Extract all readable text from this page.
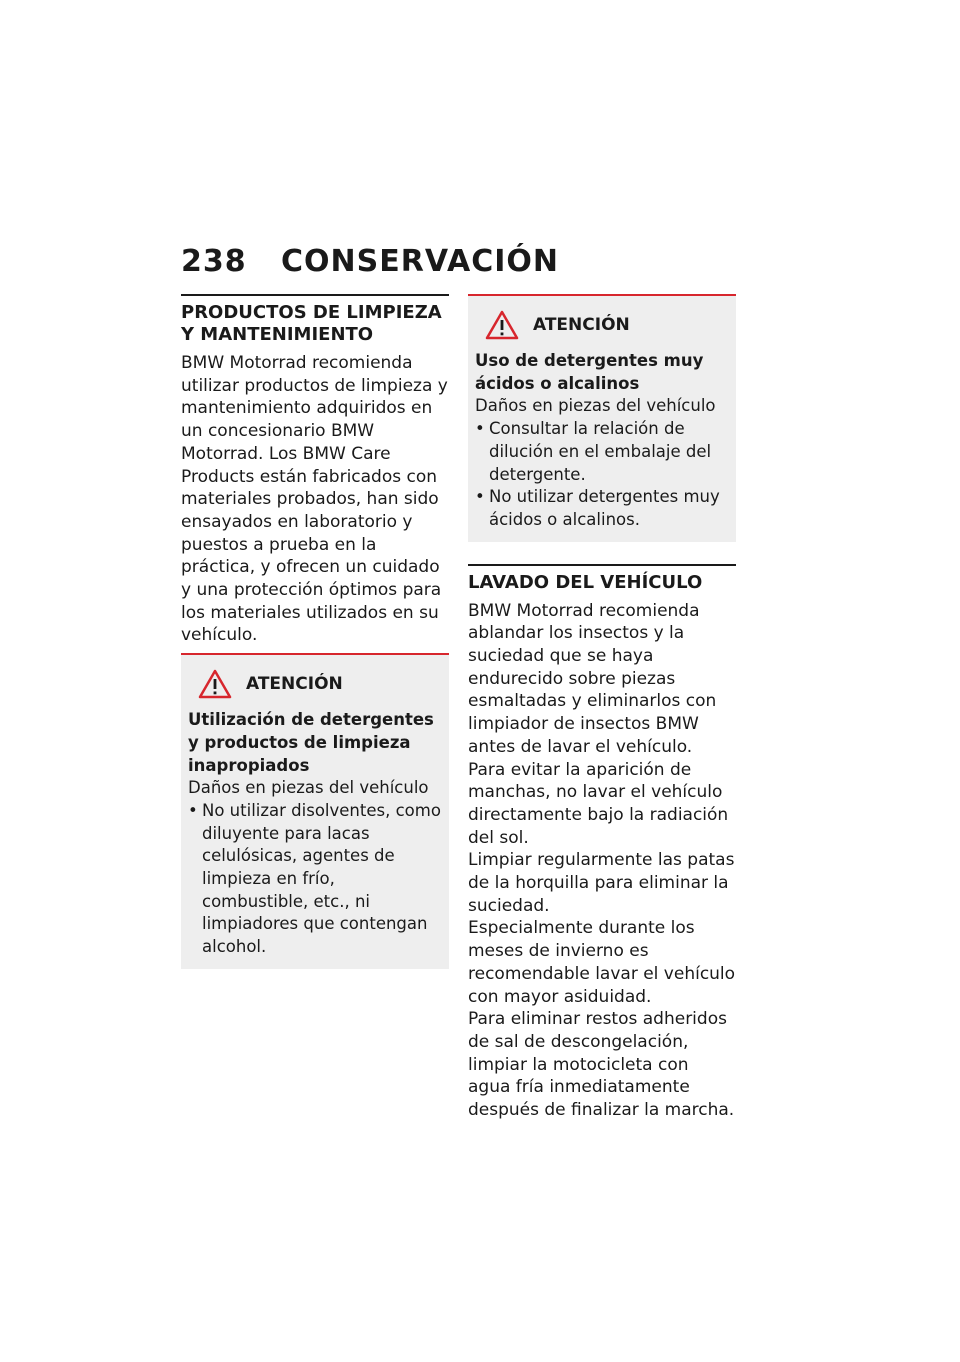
238 CONSERVACIÓN
PRODUCTOS DE LIMPIEZA Y MANTENIMIENTO

BMW Motorrad recomienda utilizar productos de limpieza y mantenimiento adquiridos en un concesionario BMW Motorrad. Los BMW Care Products están fabricados con materiales probados, han sido ensayados en laboratorio y puestos a prueba en la práctica, y ofrecen un cuidado y una protección óptimos para los materiales utilizados en su vehículo.

ATENCIÓN

Utilización de detergentes y productos de limpieza inapropiados

Daños en piezas del vehículo

• No utilizar disolventes, como diluyente para lacas celulósicas, agentes de limpieza en frío, combustible, etc., ni limpiadores que contengan alcohol.
ATENCIÓN

Uso de detergentes muy ácidos o alcalinos

Daños en piezas del vehículo

• Consultar la relación de dilución en el embalaje del detergente.
• No utilizar detergentes muy ácidos o alcalinos.
LAVADO DEL VEHÍCULO

BMW Motorrad recomienda ablandar los insectos y la suciedad que se haya endurecido sobre piezas esmaltadas y eliminarlos con limpiador de insectos BMW antes de lavar el vehículo.

Para evitar la aparición de manchas, no lavar el vehículo directamente bajo la radiación del sol.

Limpiar regularmente las patas de la horquilla para eliminar la suciedad.

Especialmente durante los meses de invierno es recomendable lavar el vehículo con mayor asiduidad.

Para eliminar restos adheridos de sal de descongelación, limpiar la motocicleta con agua fría inmediatamente después de finalizar la marcha.
